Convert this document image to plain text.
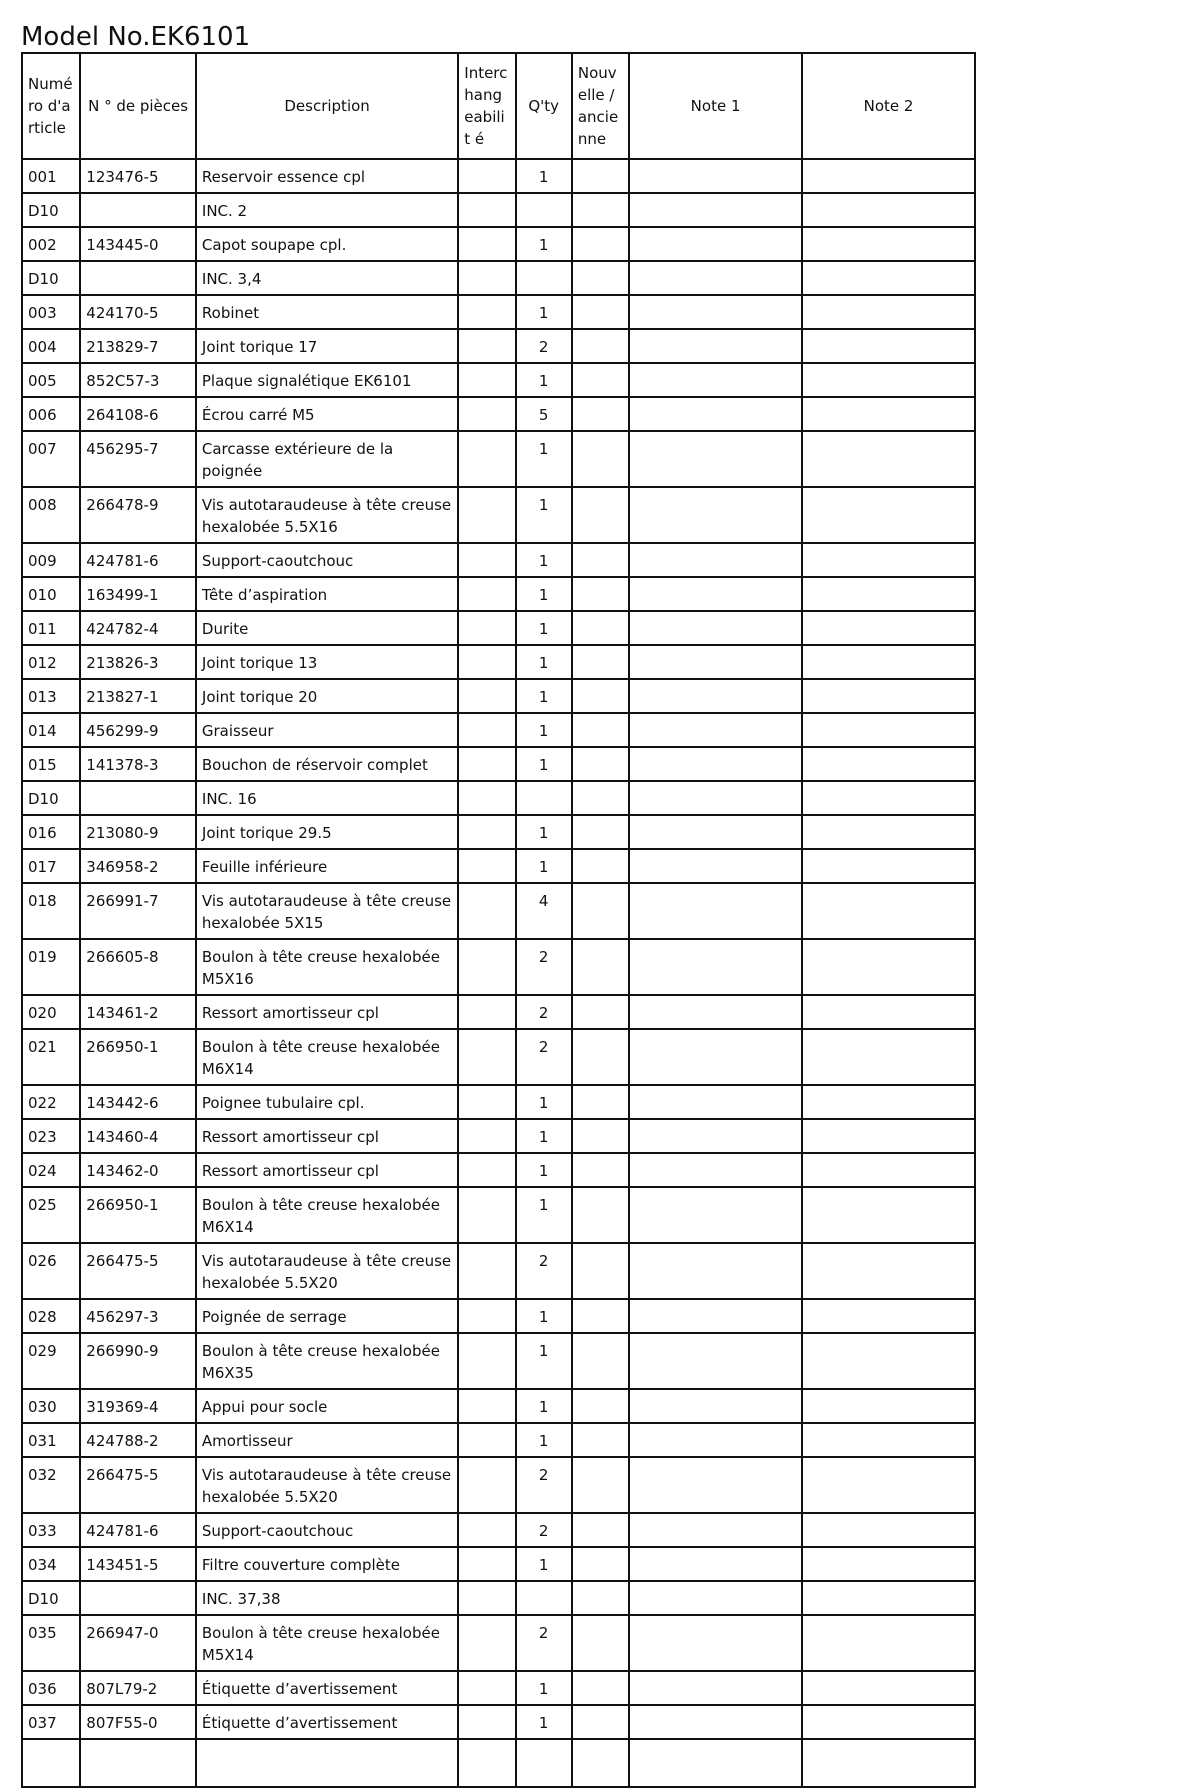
Model No.EK6101
Numé ro d'a rticle	N ° de pièces	Description	Interc hang eabilit é	Q'ty	Nouv elle / ancie nne	Note 1	Note 2
001	123476-5	Reservoir essence cpl		1			
D10		INC. 2					
002	143445-0	Capot soupape cpl.		1			
D10		INC. 3,4					
003	424170-5	Robinet		1			
004	213829-7	Joint torique 17		2			
005	852C57-3	Plaque signalétique EK6101		1			
006	264108-6	Écrou carré M5		5			
007	456295-7	Carcasse extérieure de la poignée		1			
008	266478-9	Vis autotaraudeuse à tête creuse hexalobée 5.5X16		1			
009	424781-6	Support-caoutchouc		1			
010	163499-1	Tête d’aspiration		1			
011	424782-4	Durite		1			
012	213826-3	Joint torique 13		1			
013	213827-1	Joint torique 20		1			
014	456299-9	Graisseur		1			
015	141378-3	Bouchon de réservoir complet		1			
D10		INC. 16					
016	213080-9	Joint torique 29.5		1			
017	346958-2	Feuille inférieure		1			
018	266991-7	Vis autotaraudeuse à tête creuse hexalobée 5X15		4			
019	266605-8	Boulon à tête creuse hexalobée M5X16		2			
020	143461-2	Ressort amortisseur cpl		2			
021	266950-1	Boulon à tête creuse hexalobée M6X14		2			
022	143442-6	Poignee tubulaire cpl.		1			
023	143460-4	Ressort amortisseur cpl		1			
024	143462-0	Ressort amortisseur cpl		1			
025	266950-1	Boulon à tête creuse hexalobée M6X14		1			
026	266475-5	Vis autotaraudeuse à tête creuse hexalobée 5.5X20		2			
028	456297-3	Poignée de serrage		1			
029	266990-9	Boulon à tête creuse hexalobée M6X35		1			
030	319369-4	Appui pour socle		1			
031	424788-2	Amortisseur		1			
032	266475-5	Vis autotaraudeuse à tête creuse hexalobée 5.5X20		2			
033	424781-6	Support-caoutchouc		2			
034	143451-5	Filtre couverture complète		1			
D10		INC. 37,38					
035	266947-0	Boulon à tête creuse hexalobée M5X14		2			
036	807L79-2	Étiquette d’avertissement		1			
037	807F55-0	Étiquette d’avertissement		1			
